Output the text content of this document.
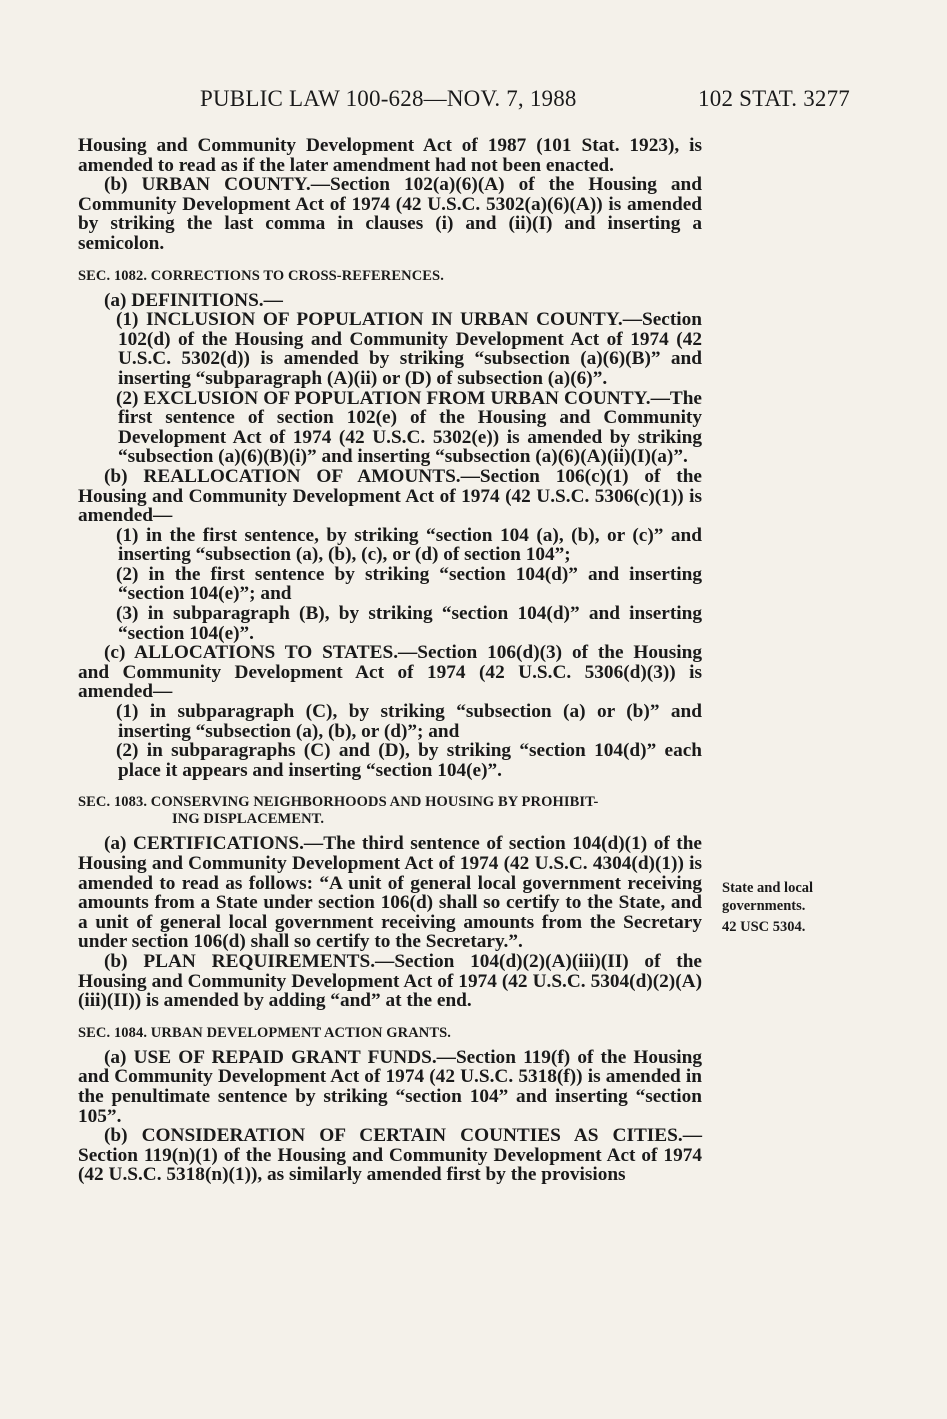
PUBLIC LAW 100-628—NOV. 7, 1988	102 STAT. 3277

Housing and Community Development Act of 1987 (101 Stat. 1923), is amended to read as if the later amendment had not been enacted.

(b) URBAN COUNTY.—Section 102(a)(6)(A) of the Housing and Community Development Act of 1974 (42 U.S.C. 5302(a)(6)(A)) is amended by striking the last comma in clauses (i) and (ii)(I) and inserting a semicolon.

SEC. 1082. CORRECTIONS TO CROSS-REFERENCES.

(a) DEFINITIONS.—

(1) INCLUSION OF POPULATION IN URBAN COUNTY.—Section 102(d) of the Housing and Community Development Act of 1974 (42 U.S.C. 5302(d)) is amended by striking “subsection (a)(6)(B)” and inserting “subparagraph (A)(ii) or (D) of subsection (a)(6)”.

(2) EXCLUSION OF POPULATION FROM URBAN COUNTY.—The first sentence of section 102(e) of the Housing and Community Development Act of 1974 (42 U.S.C. 5302(e)) is amended by striking “subsection (a)(6)(B)(i)” and inserting “subsection (a)(6)(A)(ii)(I)(a)”.

(b) REALLOCATION OF AMOUNTS.—Section 106(c)(1) of the Housing and Community Development Act of 1974 (42 U.S.C. 5306(c)(1)) is amended—

(1) in the first sentence, by striking “section 104 (a), (b), or (c)” and inserting “subsection (a), (b), (c), or (d) of section 104”;

(2) in the first sentence by striking “section 104(d)” and inserting “section 104(e)”; and

(3) in subparagraph (B), by striking “section 104(d)” and inserting “section 104(e)”.

(c) ALLOCATIONS TO STATES.—Section 106(d)(3) of the Housing and Community Development Act of 1974 (42 U.S.C. 5306(d)(3)) is amended—

(1) in subparagraph (C), by striking “subsection (a) or (b)” and inserting “subsection (a), (b), or (d)”; and

(2) in subparagraphs (C) and (D), by striking “section 104(d)” each place it appears and inserting “section 104(e)”.

SEC. 1083. CONSERVING NEIGHBORHOODS AND HOUSING BY PROHIBIT-
ING DISPLACEMENT.

(a) CERTIFICATIONS.—The third sentence of section 104(d)(1) of the Housing and Community Development Act of 1974 (42 U.S.C. 4304(d)(1)) is amended to read as follows: “A unit of general local government receiving amounts from a State under section 106(d) shall so certify to the State, and a unit of general local government receiving amounts from the Secretary under section 106(d) shall so certify to the Secretary.”.

(b) PLAN REQUIREMENTS.—Section 104(d)(2)(A)(iii)(II) of the Housing and Community Development Act of 1974 (42 U.S.C. 5304(d)(2)(A)(iii)(II)) is amended by adding “and” at the end.

SEC. 1084. URBAN DEVELOPMENT ACTION GRANTS.

(a) USE OF REPAID GRANT FUNDS.—Section 119(f) of the Housing and Community Development Act of 1974 (42 U.S.C. 5318(f)) is amended in the penultimate sentence by striking “section 104” and inserting “section 105”.

(b) CONSIDERATION OF CERTAIN COUNTIES AS CITIES.—Section 119(n)(1) of the Housing and Community Development Act of 1974 (42 U.S.C. 5318(n)(1)), as similarly amended first by the provisions

State and local
governments.
42 USC 5304.
